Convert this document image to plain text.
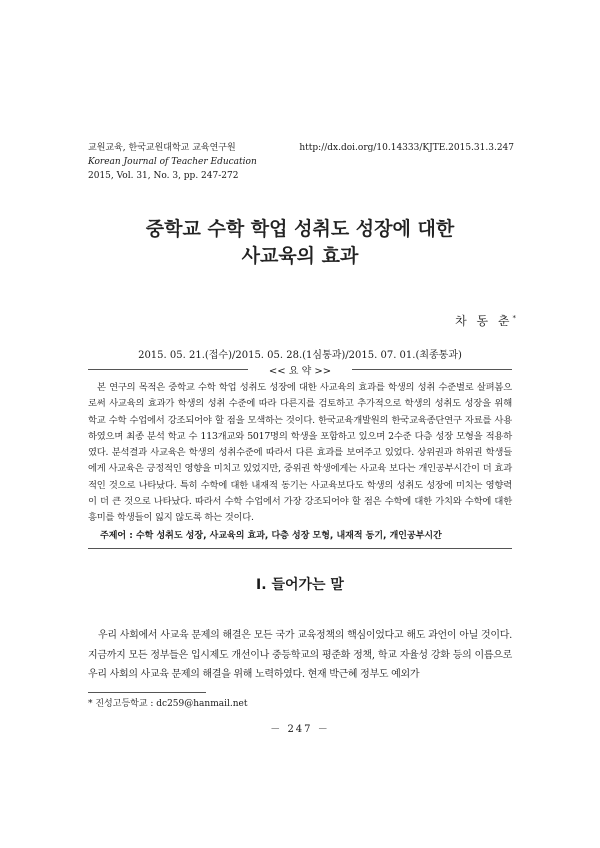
교원교육, 한국교원대학교 교육연구원
Korean Journal of Teacher Education
2015, Vol. 31, No. 3, pp. 247-272
http://dx.doi.org/10.14333/KJTE.2015.31.3.247
중학교 수학 학업 성취도 성장에 대한
사교육의 효과
차 동 춘*
2015. 05. 21.(접수)/2015. 05. 28.(1심통과)/2015. 07. 01.(최종통과)
<< 요 약 >>
본 연구의 목적은 중학교 수학 학업 성취도 성장에 대한 사교육의 효과를 학생의 성취 수준별로 살펴봄으로써 사교육의 효과가 학생의 성취 수준에 따라 다른지를 검토하고 추가적으로 학생의 성취도 성장을 위해 학교 수학 수업에서 강조되어야 할 점을 모색하는 것이다. 한국교육개발원의 한국교육종단연구 자료를 사용하였으며 최종 분석 학교 수 113개교와 5017명의 학생을 포함하고 있으며 2수준 다층 성장 모형을 적용하였다. 분석결과 사교육은 학생의 성취수준에 따라서 다른 효과를 보여주고 있었다. 상위권과 하위권 학생들에게 사교육은 긍정적인 영향을 미치고 있었지만, 중위권 학생에게는 사교육 보다는 개인공부시간이 더 효과적인 것으로 나타났다. 특히 수학에 대한 내재적 동기는 사교육보다도 학생의 성취도 성장에 미치는 영향력이 더 큰 것으로 나타났다. 따라서 수학 수업에서 가장 강조되어야 할 점은 수학에 대한 가치와 수학에 대한 흥미를 학생들이 잃지 않도록 하는 것이다.
주제어 : 수학 성취도 성장, 사교육의 효과, 다층 성장 모형, 내재적 동기, 개인공부시간
Ⅰ. 들어가는 말
우리 사회에서 사교육 문제의 해결은 모든 국가 교육정책의 핵심이었다고 해도 과언이 아닐 것이다. 지금까지 모든 정부들은 입시제도 개선이나 중등학교의 평준화 정책, 학교 자율성 강화 등의 이름으로 우리 사회의 사교육 문제의 해결을 위해 노력하였다. 현재 박근혜 정부도 예외가
* 진성고등학교 : dc259@hanmail.net
－ 247 －
